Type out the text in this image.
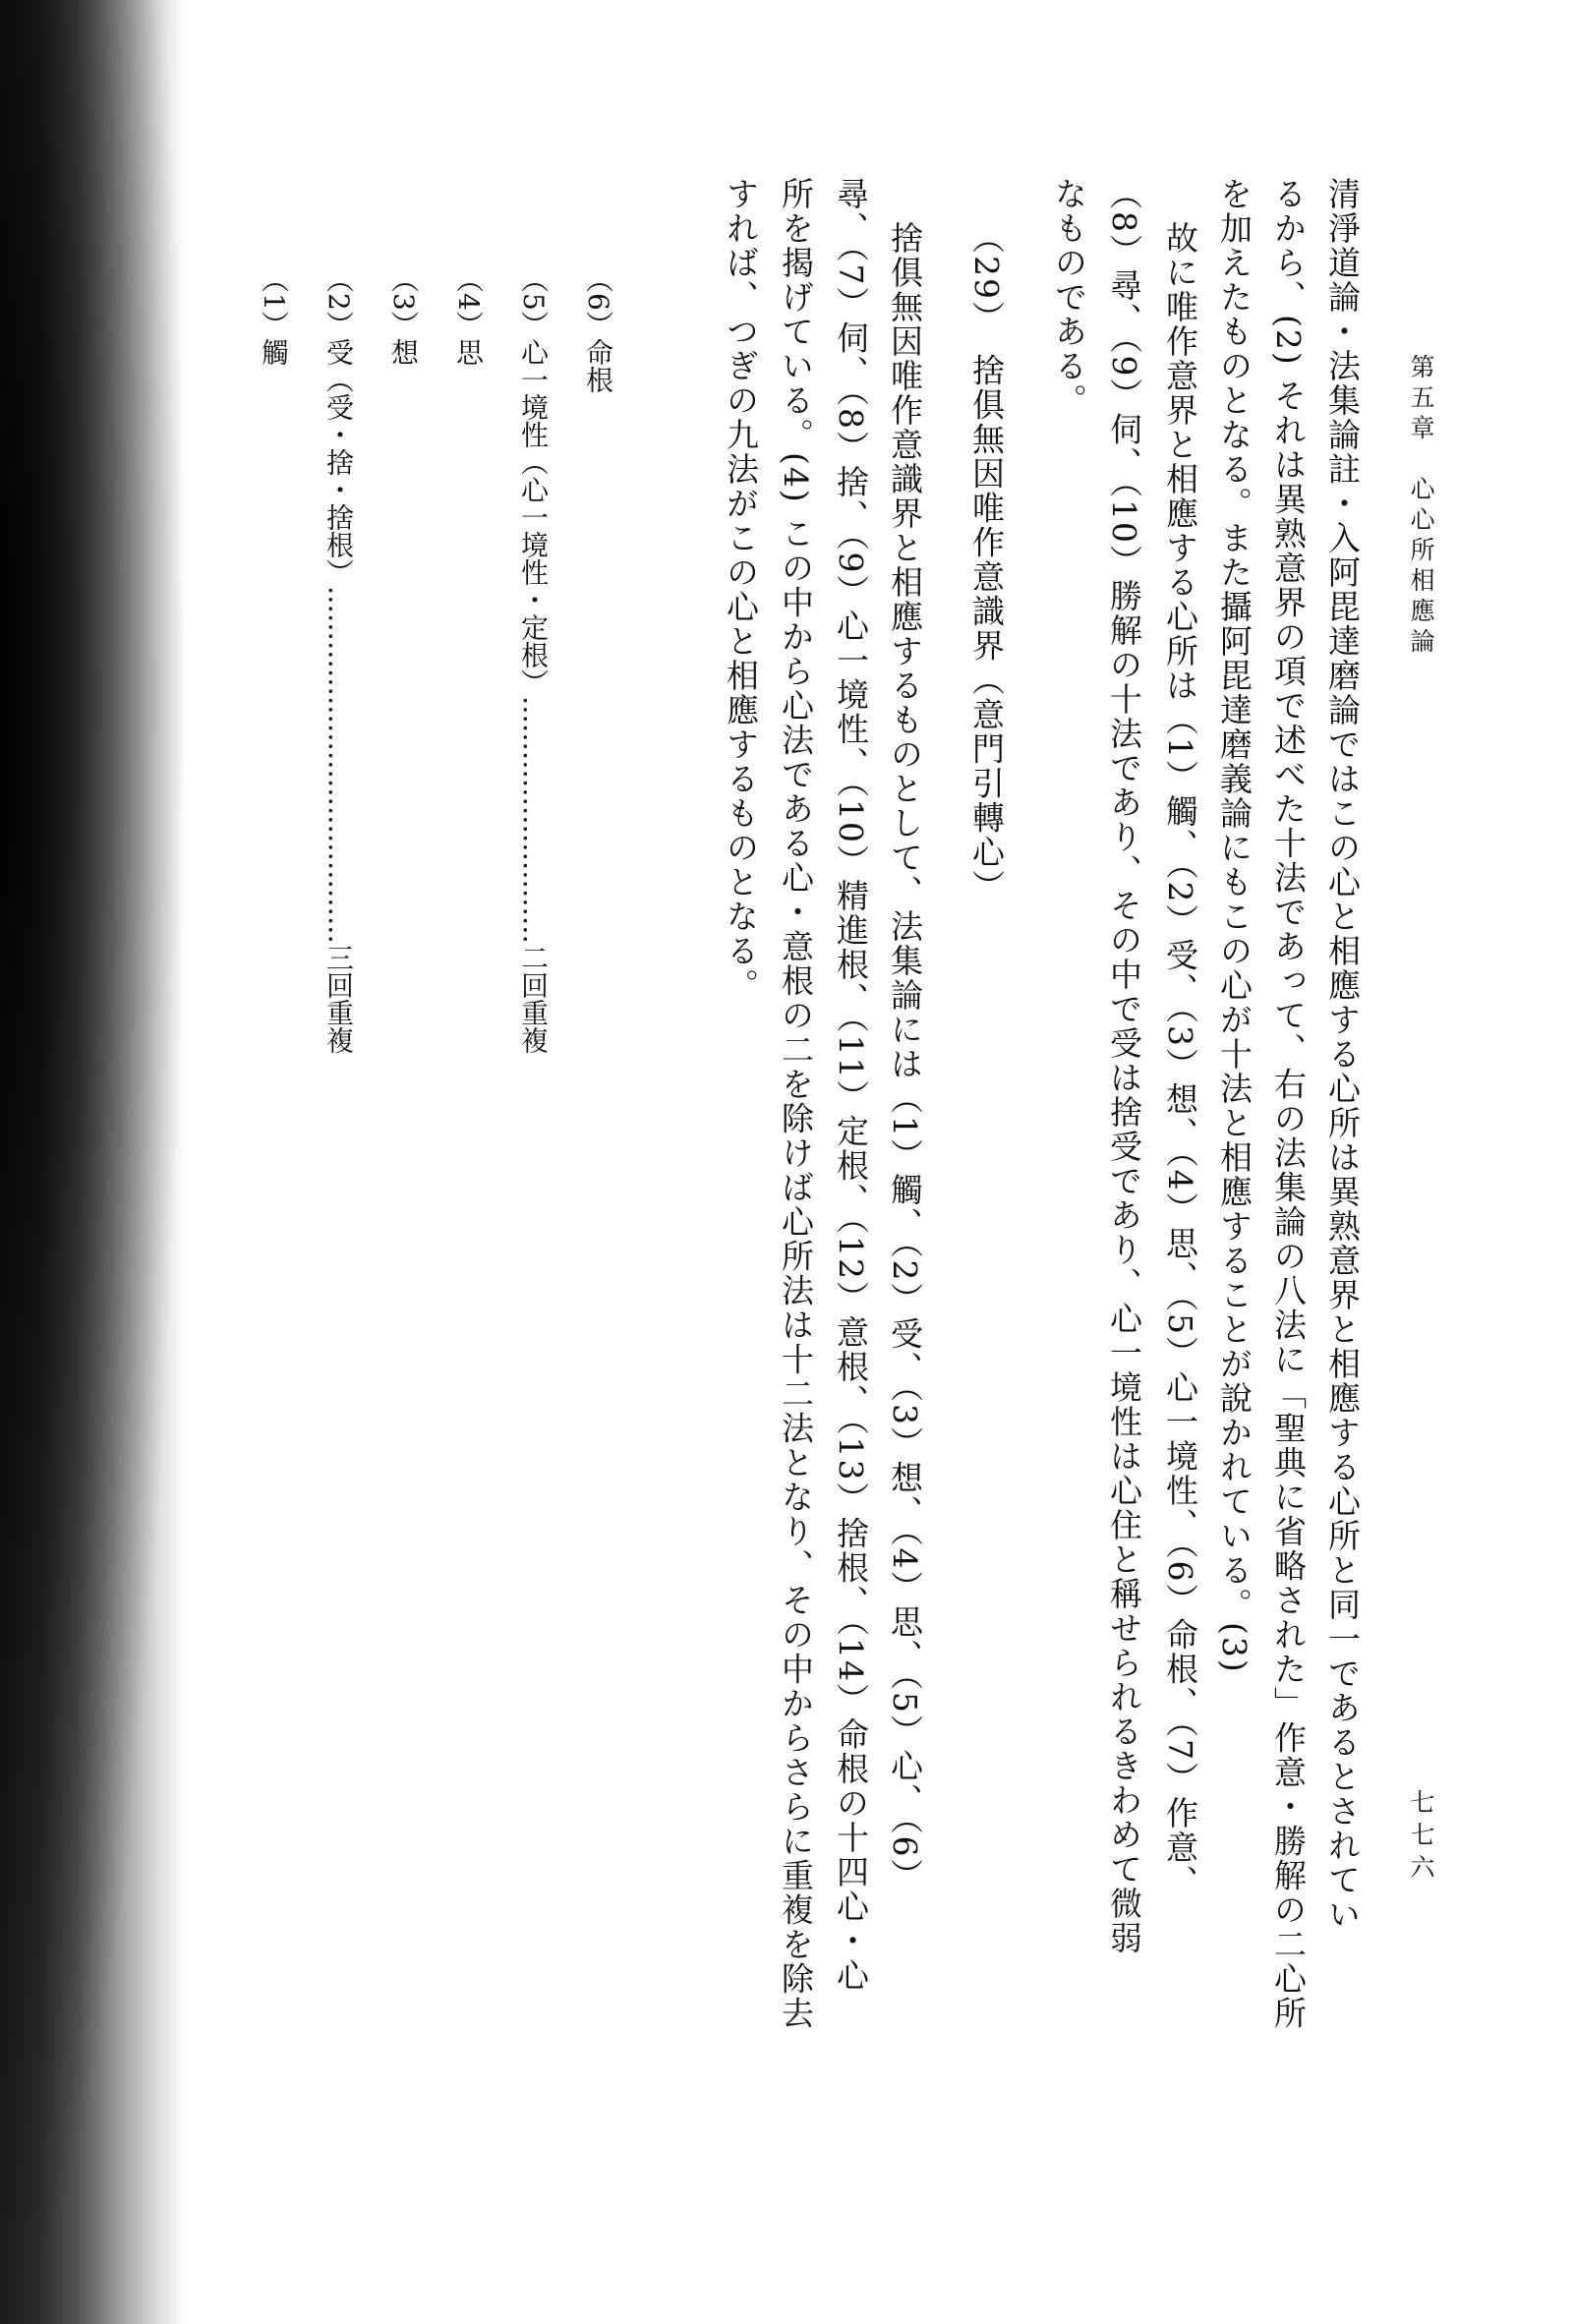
第五章　心心所相應論
七七六
清淨道論・法集論註・入阿毘達磨論ではこの心と相應する心所は異熟意界と相應する心所と同一であるとされてい
るから、(2) それは異熟意界の項で述べた十法であって、右の法集論の八法に「聖典に省略された」作意・勝解の二心所
を加えたものとなる。また攝阿毘達磨義論にもこの心が十法と相應することが說かれている。(3)
故に唯作意界と相應する心所は（1）觸、（2）受、（3）想、（4）思、（5）心一境性、（6）命根、（7）作意、
（8）尋、（9）伺、（10）勝解の十法であり、その中で受は捨受であり、心一境性は心住と稱せられるきわめて微弱
なものである。
（29）　捨俱無因唯作意識界（意門引轉心）
捨俱無因唯作意識界と相應するものとして、法集論には（1）觸、（2）受、（3）想、（4）思、（5）心、（6）
尋、（7）伺、（8）捨、（9）心一境性、（10）精進根、（11）定根、（12）意根、（13）捨根、（14）命根の十四心・心
所を揭げている。(4) この中から心法である心・意根の二を除けば心所法は十二法となり、その中からさらに重複を除去
すれば、つぎの九法がこの心と相應するものとなる。
（6）命根
（5）心一境性（心一境性・定根）………………………二回重複
（4）思
（3）想
（2）受（受・捨・捨根）…………………………………三回重複
（1）觸
